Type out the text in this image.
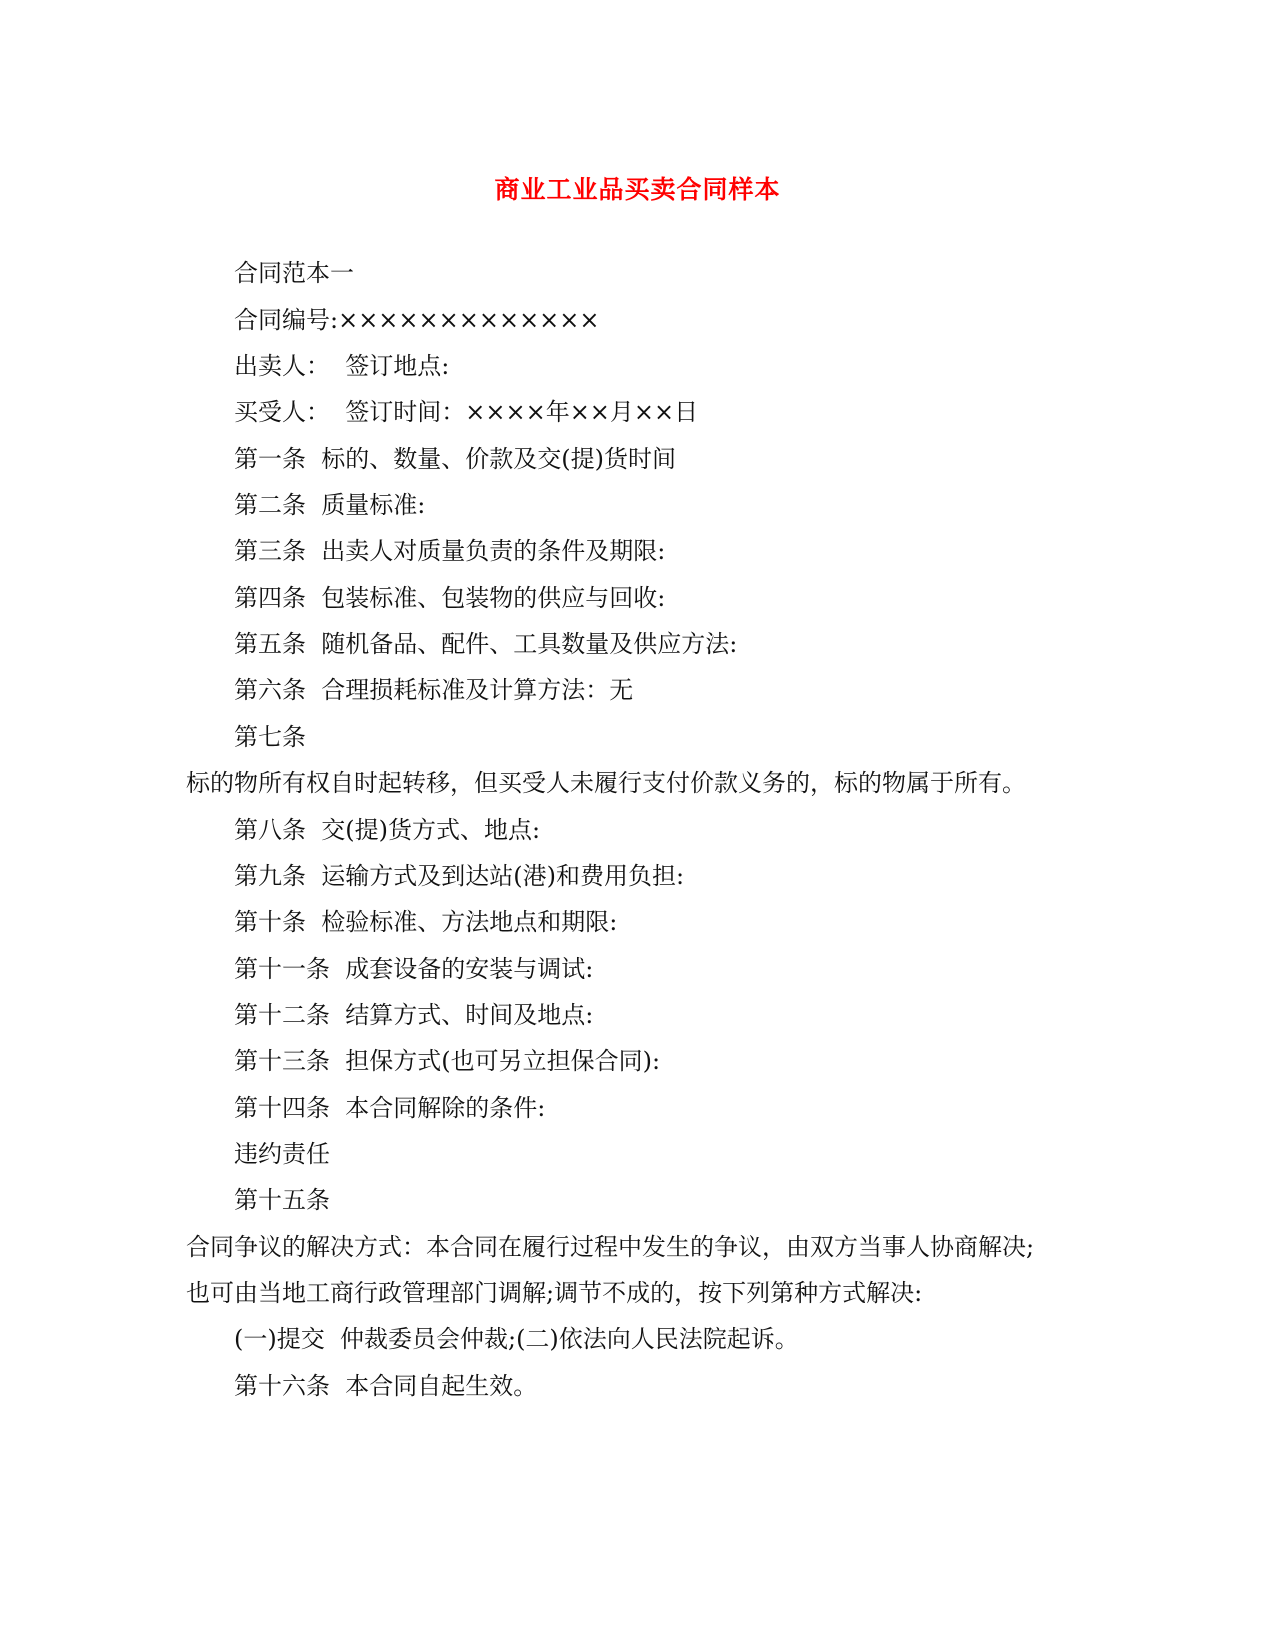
商业工业品买卖合同样本
合同范本一
合同编号:×××××××××××××
出卖人：  签订地点:
买受人：  签订时间：××××年××月××日
第一条  标的、数量、价款及交(提)货时间
第二条  质量标准:
第三条  出卖人对质量负责的条件及期限:
第四条  包装标准、包装物的供应与回收:
第五条  随机备品、配件、工具数量及供应方法:
第六条  合理损耗标准及计算方法：无
第七条
标的物所有权自时起转移，但买受人未履行支付价款义务的，标的物属于所有。
第八条  交(提)货方式、地点:
第九条  运输方式及到达站(港)和费用负担:
第十条  检验标准、方法地点和期限:
第十一条  成套设备的安装与调试:
第十二条  结算方式、时间及地点:
第十三条  担保方式(也可另立担保合同):
第十四条  本合同解除的条件:
违约责任
第十五条
合同争议的解决方式：本合同在履行过程中发生的争议，由双方当事人协商解决;
也可由当地工商行政管理部门调解;调节不成的，按下列第种方式解决:
(一)提交  仲裁委员会仲裁;(二)依法向人民法院起诉。
第十六条  本合同自起生效。
